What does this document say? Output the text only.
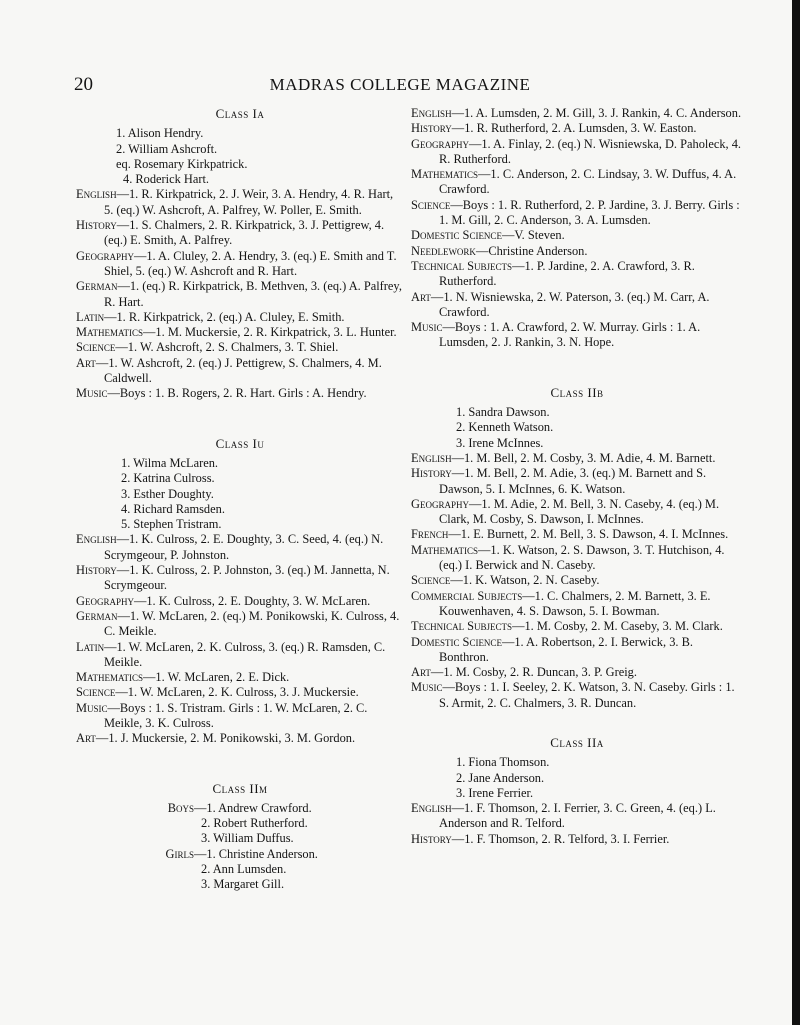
20	MADRAS COLLEGE MAGAZINE
Class Ia
1. Alison Hendry.
2. William Ashcroft.
eq. Rosemary Kirkpatrick.
4. Roderick Hart.

English—1. R. Kirkpatrick, 2. J. Weir, 3. A. Hendry, 4. R. Hart, 5. (eq.) W. Ashcroft, A. Palfrey, W. Poller, E. Smith.

History—1. S. Chalmers, 2. R. Kirkpatrick, 3. J. Pettigrew, 4. (eq.) E. Smith, A. Palfrey.

Geography—1. A. Cluley, 2. A. Hendry, 3. (eq.) E. Smith and T. Shiel, 5. (eq.) W. Ashcroft and R. Hart.

German—1. (eq.) R. Kirkpatrick, B. Methven, 3. (eq.) A. Palfrey, R. Hart.

Latin—1. R. Kirkpatrick, 2. (eq.) A. Cluley, E. Smith.

Mathematics—1. M. Muckersie, 2. R. Kirkpatrick, 3. L. Hunter.

Science—1. W. Ashcroft, 2. S. Chalmers, 3. T. Shiel.

Art—1. W. Ashcroft, 2. (eq.) J. Pettigrew, S. Chalmers, 4. M. Caldwell.

Music—Boys : 1. B. Rogers, 2. R. Hart. Girls : A. Hendry.

Class Iu
1. Wilma McLaren.
2. Katrina Culross.
3. Esther Doughty.
4. Richard Ramsden.
5. Stephen Tristram.

English—1. K. Culross, 2. E. Doughty, 3. C. Seed, 4. (eq.) N. Scrymgeour, P. Johnston.

History—1. K. Culross, 2. P. Johnston, 3. (eq.) M. Jannetta, N. Scrymgeour.

Geography—1. K. Culross, 2. E. Doughty, 3. W. McLaren.

German—1. W. McLaren, 2. (eq.) M. Ponikowski, K. Culross, 4. C. Meikle.

Latin—1. W. McLaren, 2. K. Culross, 3. (eq.) R. Ramsden, C. Meikle.

Mathematics—1. W. McLaren, 2. E. Dick.

Science—1. W. McLaren, 2. K. Culross, 3. J. Muckersie.

Music—Boys : 1. S. Tristram. Girls : 1. W. McLaren, 2. C. Meikle, 3. K. Culross.

Art—1. J. Muckersie, 2. M. Ponikowski, 3. M. Gordon.

Class IIm
Boys —1. Andrew Crawford.
2. Robert Rutherford.
3. William Duffus.
Girls —1. Christine Anderson.
2. Ann Lumsden.
3. Margaret Gill.

English—1. A. Lumsden, 2. M. Gill, 3. J. Rankin, 4. C. Anderson.

History—1. R. Rutherford, 2. A. Lumsden, 3. W. Easton.

Geography—1. A. Finlay, 2. (eq.) N. Wisniewska, D. Paholeck, 4. R. Rutherford.

Mathematics—1. C. Anderson, 2. C. Lindsay, 3. W. Duffus, 4. A. Crawford.

Science—Boys : 1. R. Rutherford, 2. P. Jardine, 3. J. Berry. Girls : 1. M. Gill, 2. C. Anderson, 3. A. Lumsden.

Domestic Science—V. Steven.

Needlework—Christine Anderson.

Technical Subjects—1. P. Jardine, 2. A. Crawford, 3. R. Rutherford.

Art—1. N. Wisniewska, 2. W. Paterson, 3. (eq.) M. Carr, A. Crawford.

Music—Boys : 1. A. Crawford, 2. W. Murray. Girls : 1. A. Lumsden, 2. J. Rankin, 3. N. Hope.

Class IIb
1. Sandra Dawson.
2. Kenneth Watson.
3. Irene McInnes.

English—1. M. Bell, 2. M. Cosby, 3. M. Adie, 4. M. Barnett.

History—1. M. Bell, 2. M. Adie, 3. (eq.) M. Barnett and S. Dawson, 5. I. McInnes, 6. K. Watson.

Geography—1. M. Adie, 2. M. Bell, 3. N. Caseby, 4. (eq.) M. Clark, M. Cosby, S. Dawson, I. McInnes.

French—1. E. Burnett, 2. M. Bell, 3. S. Dawson, 4. I. McInnes.

Mathematics—1. K. Watson, 2. S. Dawson, 3. T. Hutchison, 4. (eq.) I. Berwick and N. Caseby.

Science—1. K. Watson, 2. N. Caseby.

Commercial Subjects—1. C. Chalmers, 2. M. Barnett, 3. E. Kouwenhaven, 4. S. Dawson, 5. I. Bowman.

Technical Subjects—1. M. Cosby, 2. M. Caseby, 3. M. Clark.

Domestic Science—1. A. Robertson, 2. I. Berwick, 3. B. Bonthron.

Art—1. M. Cosby, 2. R. Duncan, 3. P. Greig.

Music—Boys : 1. I. Seeley, 2. K. Watson, 3. N. Caseby. Girls : 1. S. Armit, 2. C. Chalmers, 3. R. Duncan.

Class IIa
1. Fiona Thomson.
2. Jane Anderson.
3. Irene Ferrier.

English—1. F. Thomson, 2. I. Ferrier, 3. C. Green, 4. (eq.) L. Anderson and R. Telford.

History—1. F. Thomson, 2. R. Telford, 3. I. Ferrier.
